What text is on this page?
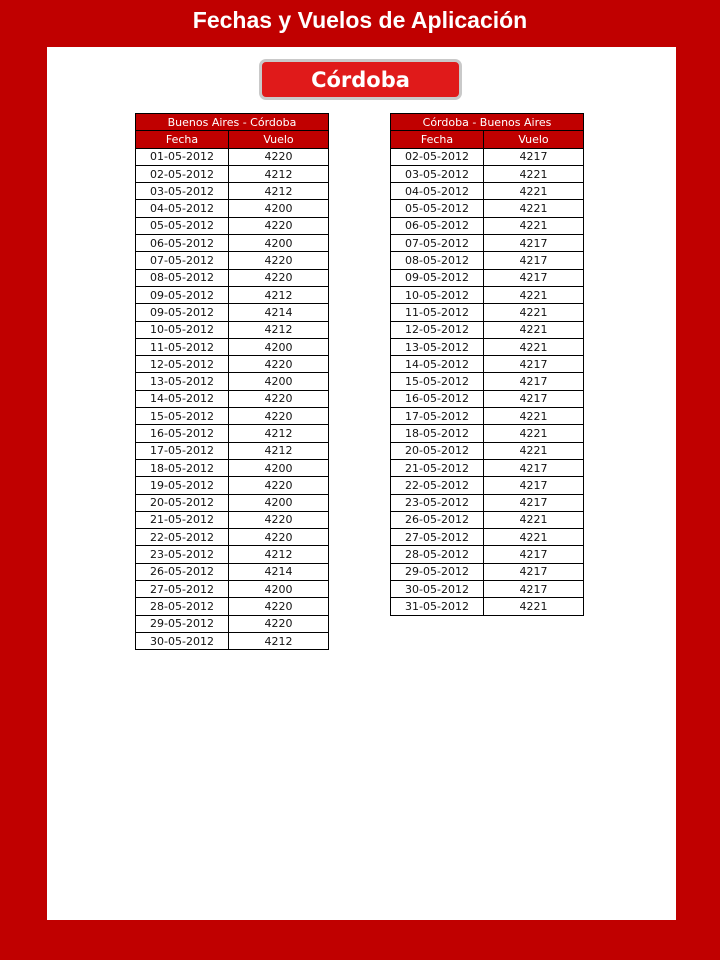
Fechas y Vuelos de Aplicación
Córdoba
Buenos Aires - Córdoba	
Fecha	Vuelo
01-05-2012	4220
02-05-2012	4212
03-05-2012	4212
04-05-2012	4200
05-05-2012	4220
06-05-2012	4200
07-05-2012	4220
08-05-2012	4220
09-05-2012	4212
09-05-2012	4214
10-05-2012	4212
11-05-2012	4200
12-05-2012	4220
13-05-2012	4200
14-05-2012	4220
15-05-2012	4220
16-05-2012	4212
17-05-2012	4212
18-05-2012	4200
19-05-2012	4220
20-05-2012	4200
21-05-2012	4220
22-05-2012	4220
23-05-2012	4212
26-05-2012	4214
27-05-2012	4200
28-05-2012	4220
29-05-2012	4220
30-05-2012	4212
Córdoba - Buenos Aires	
Fecha	Vuelo
02-05-2012	4217
03-05-2012	4221
04-05-2012	4221
05-05-2012	4221
06-05-2012	4221
07-05-2012	4217
08-05-2012	4217
09-05-2012	4217
10-05-2012	4221
11-05-2012	4221
12-05-2012	4221
13-05-2012	4221
14-05-2012	4217
15-05-2012	4217
16-05-2012	4217
17-05-2012	4221
18-05-2012	4221
20-05-2012	4221
21-05-2012	4217
22-05-2012	4217
23-05-2012	4217
26-05-2012	4221
27-05-2012	4221
28-05-2012	4217
29-05-2012	4217
30-05-2012	4217
31-05-2012	4221
